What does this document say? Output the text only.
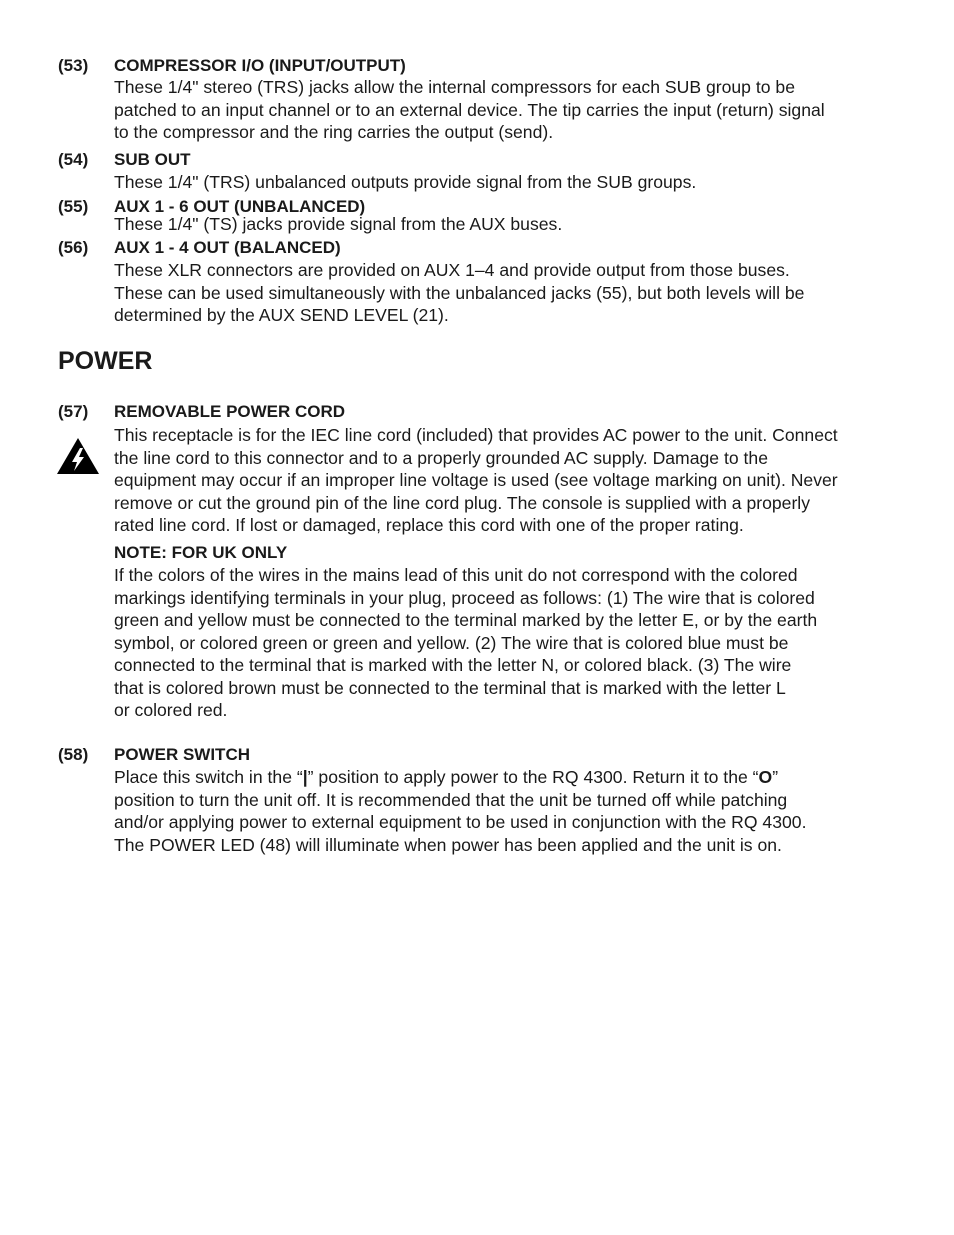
(53) COMPRESSOR I/O (INPUT/OUTPUT)
These 1/4" stereo (TRS) jacks allow the internal compressors for each SUB group to be
patched to an input channel or to an external device. The tip carries the input (return) signal
to the compressor and the ring carries the output (send).
(54) SUB OUT
These 1/4" (TRS) unbalanced outputs provide signal from the SUB groups.
(55) AUX 1 - 6 OUT (UNBALANCED)
These 1/4" (TS) jacks provide signal from the AUX buses.
(56) AUX 1 - 4 OUT (BALANCED)
These XLR connectors are provided on AUX 1–4 and provide output from those buses.
These can be used simultaneously with the unbalanced jacks (55), but both levels will be
determined by the AUX SEND LEVEL (21).
POWER
(57) REMOVABLE POWER CORD
This receptacle is for the IEC line cord (included) that provides AC power to the unit. Connect
the line cord to this connector and to a properly grounded AC supply. Damage to the
equipment may occur if an improper line voltage is used (see voltage marking on unit). Never
remove or cut the ground pin of the line cord plug. The console is supplied with a properly
rated line cord. If lost or damaged, replace this cord with one of the proper rating.
NOTE: FOR UK ONLY
If the colors of the wires in the mains lead of this unit do not correspond with the colored
markings identifying terminals in your plug, proceed as follows: (1) The wire that is colored
green and yellow must be connected to the terminal marked by the letter E, or by the earth
symbol, or colored green or green and yellow. (2) The wire that is colored blue must be
connected to the terminal that is marked with the letter N, or colored black. (3) The wire
that is colored brown must be connected to the terminal that is marked with the letter L
or colored red.
(58) POWER SWITCH
Place this switch in the “|” position to apply power to the RQ 4300. Return it to the “O”
position to turn the unit off. It is recommended that the unit be turned off while patching
and/or applying power to external equipment to be used in conjunction with the RQ 4300.
The POWER LED (48) will illuminate when power has been applied and the unit is on.
